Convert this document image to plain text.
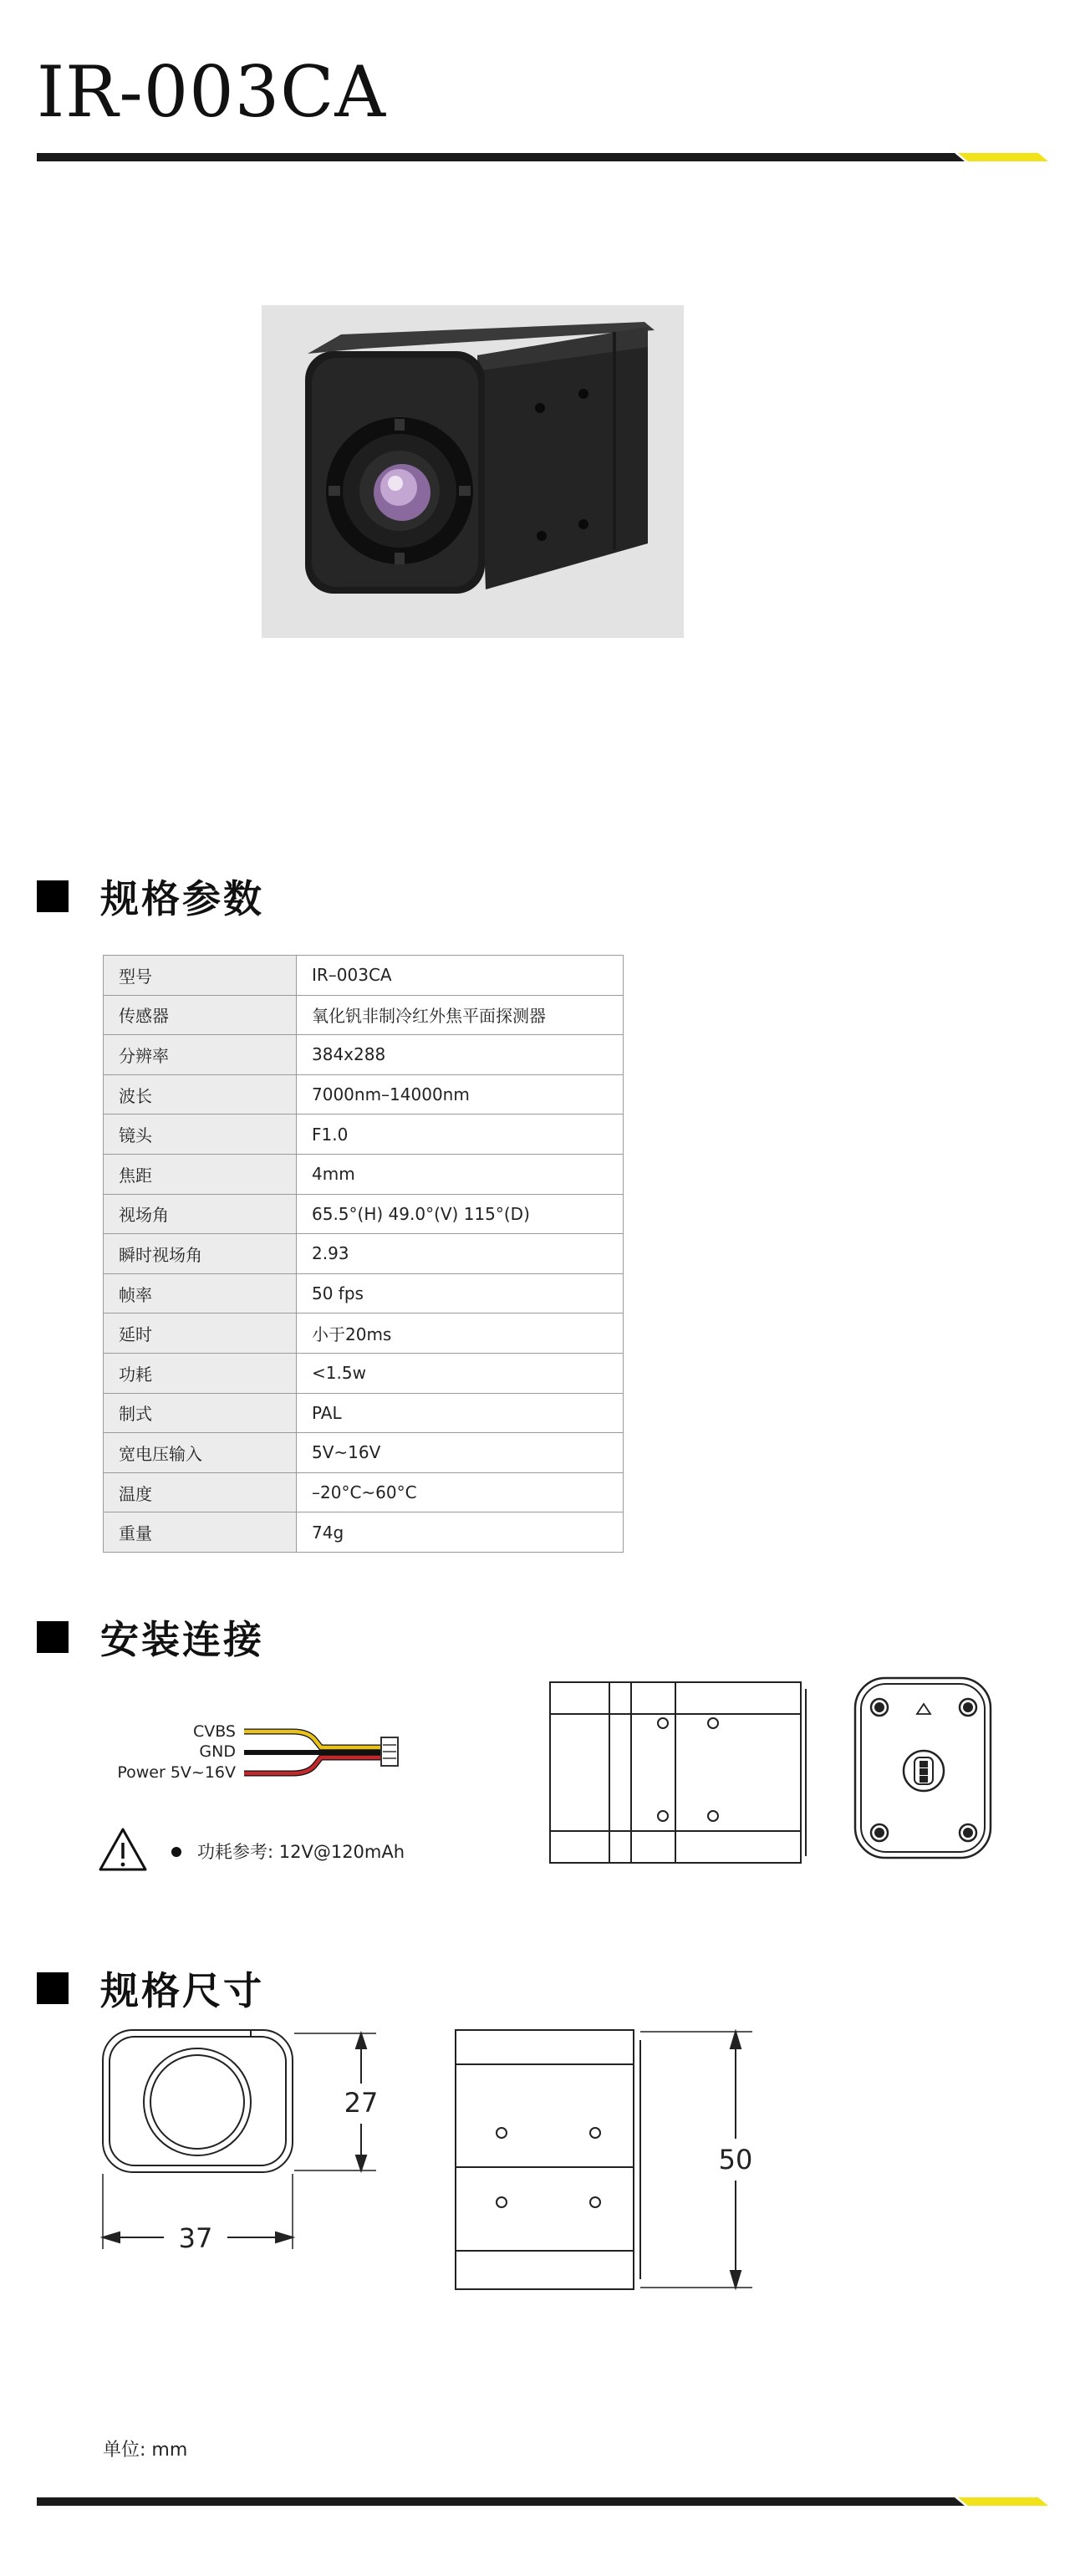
IR-003CA
规格参数
型号	IR–003CA
传感器	氧化钒非制冷红外焦平面探测器
分辨率	384x288
波长	7000nm–14000nm
镜头	F1.0
焦距	4mm
视场角	65.5°(H) 49.0°(V) 115°(D)
瞬时视场角	2.93
帧率	50 fps
延时	小于20ms
功耗	<1.5w
制式	PAL
宽电压输入	5V~16V
温度	–20°C~60°C
重量	74g
安装连接
CVBS
GND
Power 5V~16V
功耗参考: 12V@120mAh
规格尺寸
27
37
50
单位: mm
